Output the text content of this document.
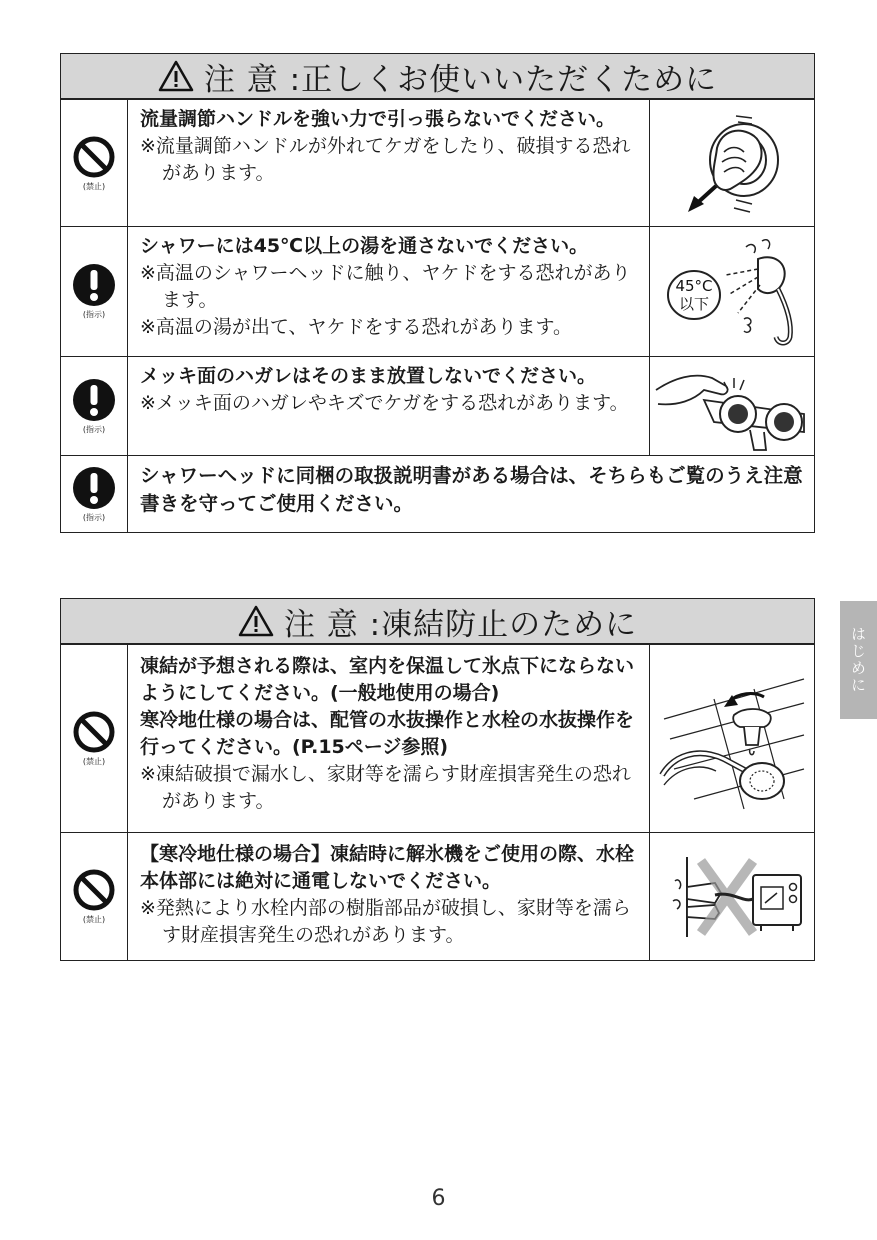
注 意 :正しくお使いいただくために
(禁止)
流量調節ハンドルを強い力で引っ張らないでください。
※流量調節ハンドルが外れてケガをしたり、破損する恐れがあります。
(指示)
シャワーには45℃以上の湯を通さないでください。
※高温のシャワーヘッドに触り、ヤケドをする恐れがあります。
※高温の湯が出て、ヤケドをする恐れがあります。
45°C
以下
(指示)
メッキ面のハガレはそのまま放置しないでください。
※メッキ面のハガレやキズでケガをする恐れがあります。
(指示)
シャワーヘッドに同梱の取扱説明書がある場合は、そちらもご覧のうえ注意書きを守ってご使用ください。
注 意 :凍結防止のために
(禁止)
凍結が予想される際は、室内を保温して氷点下にならないようにしてください。(一般地使用の場合)
寒冷地仕様の場合は、配管の水抜操作と水栓の水抜操作を行ってください。(P.15ページ参照)
※凍結破損で漏水し、家財等を濡らす財産損害発生の恐れがあります。
(禁止)
【寒冷地仕様の場合】凍結時に解氷機をご使用の際、水栓本体部には絶対に通電しないでください。
※発熱により水栓内部の樹脂部品が破損し、家財等を濡らす財産損害発生の恐れがあります。
はじめに
6
